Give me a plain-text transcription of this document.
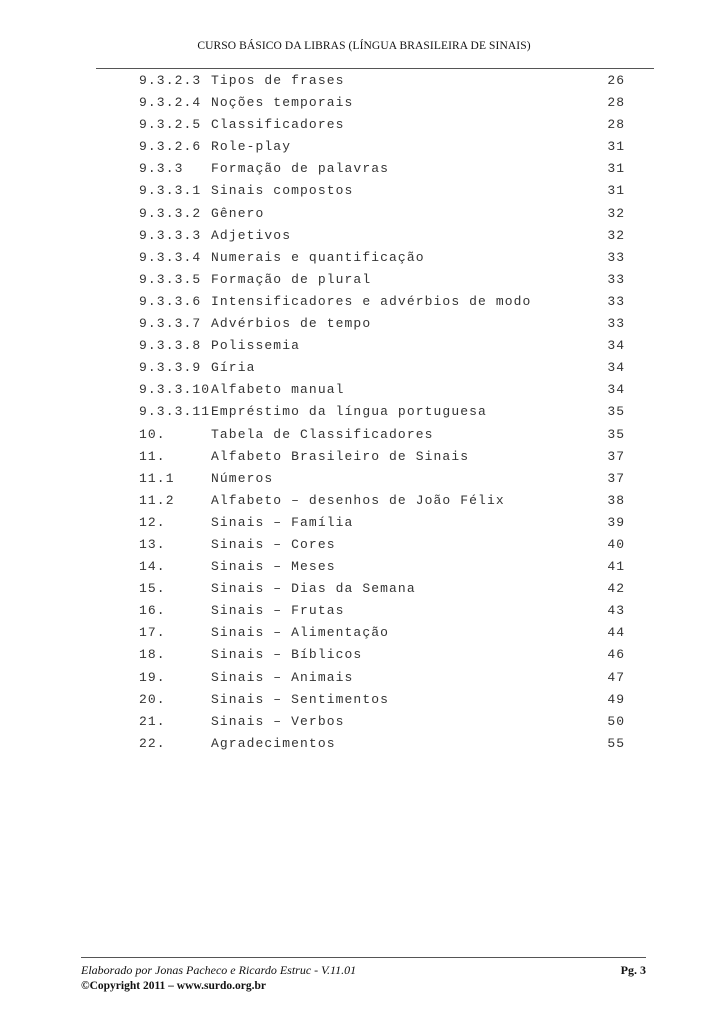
CURSO BÁSICO DA LIBRAS (LÍNGUA BRASILEIRA DE SINAIS)
9.3.2.3 Tipos de frases	26
9.3.2.4 Noções temporais	28
9.3.2.5 Classificadores	28
9.3.2.6 Role-play	31
9.3.3 Formação de palavras	31
9.3.3.1 Sinais compostos	31
9.3.3.2 Gênero	32
9.3.3.3 Adjetivos	32
9.3.3.4 Numerais e quantificação	33
9.3.3.5 Formação de plural	33
9.3.3.6 Intensificadores e advérbios de modo	33
9.3.3.7 Advérbios de tempo	33
9.3.3.8 Polissemia	34
9.3.3.9 Gíria	34
9.3.3.10 Alfabeto manual	34
9.3.3.11 Empréstimo da língua portuguesa	35
10.	Tabela de Classificadores	35
11.	Alfabeto Brasileiro de Sinais	37
11.1	Números	37
11.2	Alfabeto – desenhos de João Félix	38
12.	Sinais – Família	39
13.	Sinais – Cores	40
14.	Sinais – Meses	41
15.	Sinais – Dias da Semana	42
16.	Sinais – Frutas	43
17.	Sinais – Alimentação	44
18.	Sinais – Bíblicos	46
19.	Sinais – Animais	47
20.	Sinais – Sentimentos	49
21.	Sinais – Verbos	50
22.	Agradecimentos	55
Elaborado por Jonas Pacheco e Ricardo Estruc - V.11.01	Pg. 3
©Copyright 2011 – www.surdo.org.br
